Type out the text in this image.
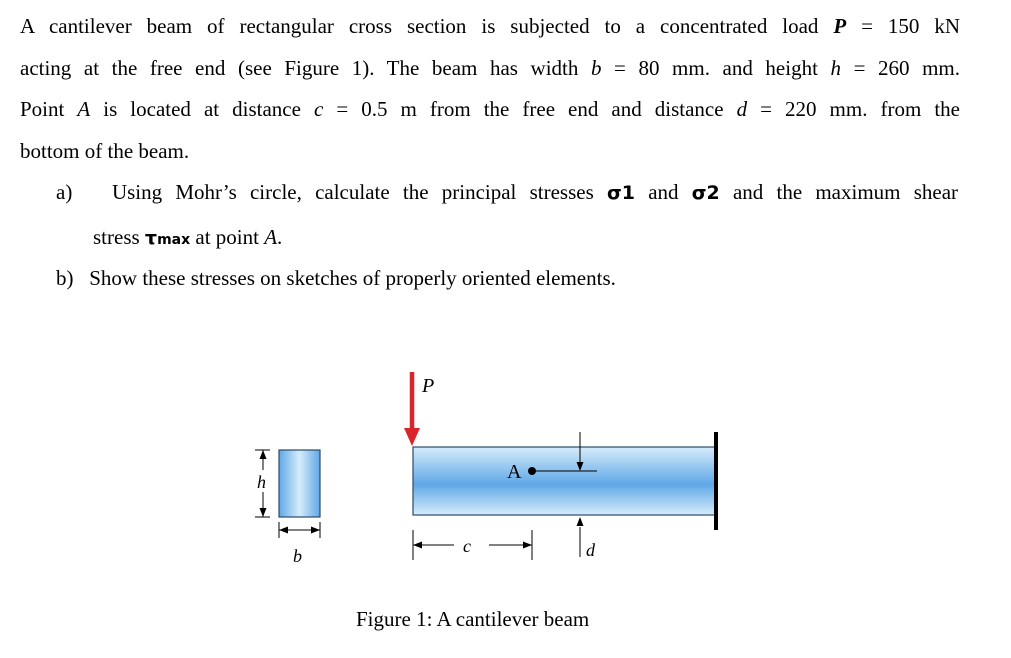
A cantilever beam of rectangular cross section is subjected to a concentrated load P = 150 kN
acting at the free end (see Figure 1). The beam has width b = 80 mm. and height h = 260 mm.
Point A is located at distance c = 0.5 m from the free end and distance d = 220 mm. from the
bottom of the beam.
a) Using Mohr’s circle, calculate the principal stresses σ1 and σ2 and the maximum shear
stress τmax at point A.
b) Show these stresses on sketches of properly oriented elements.
h
b
P
A
d
c
Figure 1: A cantilever beam
